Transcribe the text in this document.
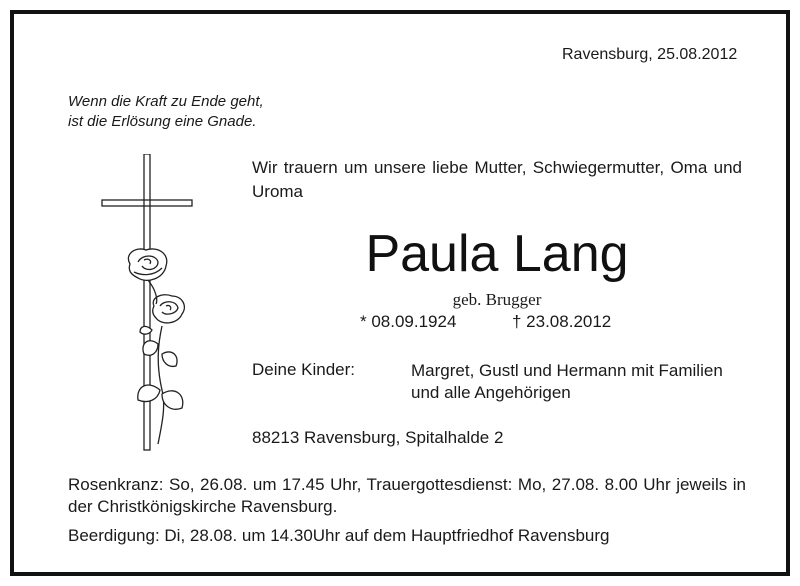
Ravensburg, 25.08.2012
Wenn die Kraft zu Ende geht,
ist die Erlösung eine Gnade.
Wir trauern um unsere liebe Mutter, Schwiegermutter, Oma und Uroma
Paula Lang
geb. Brugger
* 08.09.1924	† 23.08.2012
Deine Kinder:	Margret, Gustl und Hermann mit Familien
und alle Angehörigen
88213 Ravensburg, Spitalhalde 2
Rosenkranz: So, 26.08. um 17.45 Uhr, Trauergottesdienst: Mo, 27.08. 8.00 Uhr jeweils in der Christkönigskirche Ravensburg.
Beerdigung: Di, 28.08. um 14.30Uhr auf dem Hauptfriedhof Ravensburg
